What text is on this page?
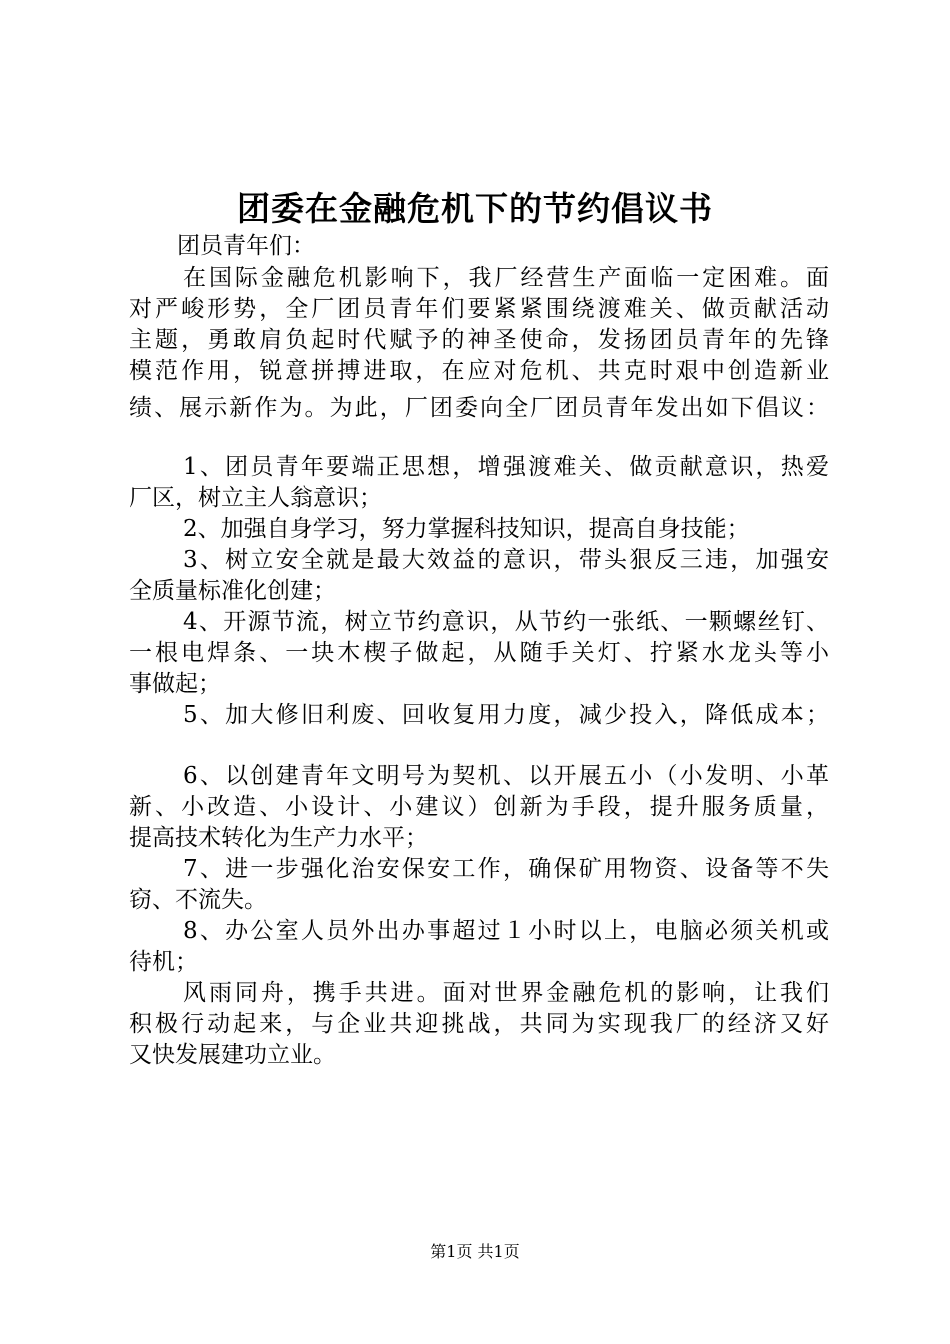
团委在金融危机下的节约倡议书
团员青年们：
在国际金融危机影响下，我厂经营生产面临一定困难。面
对严峻形势，全厂团员青年们要紧紧围绕渡难关、做贡献活动
主题，勇敢肩负起时代赋予的神圣使命，发扬团员青年的先锋
模范作用，锐意拼搏进取，在应对危机、共克时艰中创造新业
绩、展示新作为。为此，厂团委向全厂团员青年发出如下倡议：
1、团员青年要端正思想，增强渡难关、做贡献意识，热爱
厂区，树立主人翁意识；
2、加强自身学习，努力掌握科技知识，提高自身技能；
3、树立安全就是最大效益的意识，带头狠反三违，加强安
全质量标准化创建；
4、开源节流，树立节约意识，从节约一张纸、一颗螺丝钉、
一根电焊条、一块木楔子做起，从随手关灯、拧紧水龙头等小
事做起；
5、加大修旧利废、回收复用力度，减少投入，降低成本；
6、以创建青年文明号为契机、以开展五小（小发明、小革
新、小改造、小设计、小建议）创新为手段，提升服务质量，
提高技术转化为生产力水平；
7、进一步强化治安保安工作，确保矿用物资、设备等不失
窃、不流失。
8、办公室人员外出办事超过１小时以上，电脑必须关机或
待机；
风雨同舟，携手共进。面对世界金融危机的影响，让我们
积极行动起来，与企业共迎挑战，共同为实现我厂的经济又好
又快发展建功立业。
第1页 共1页
